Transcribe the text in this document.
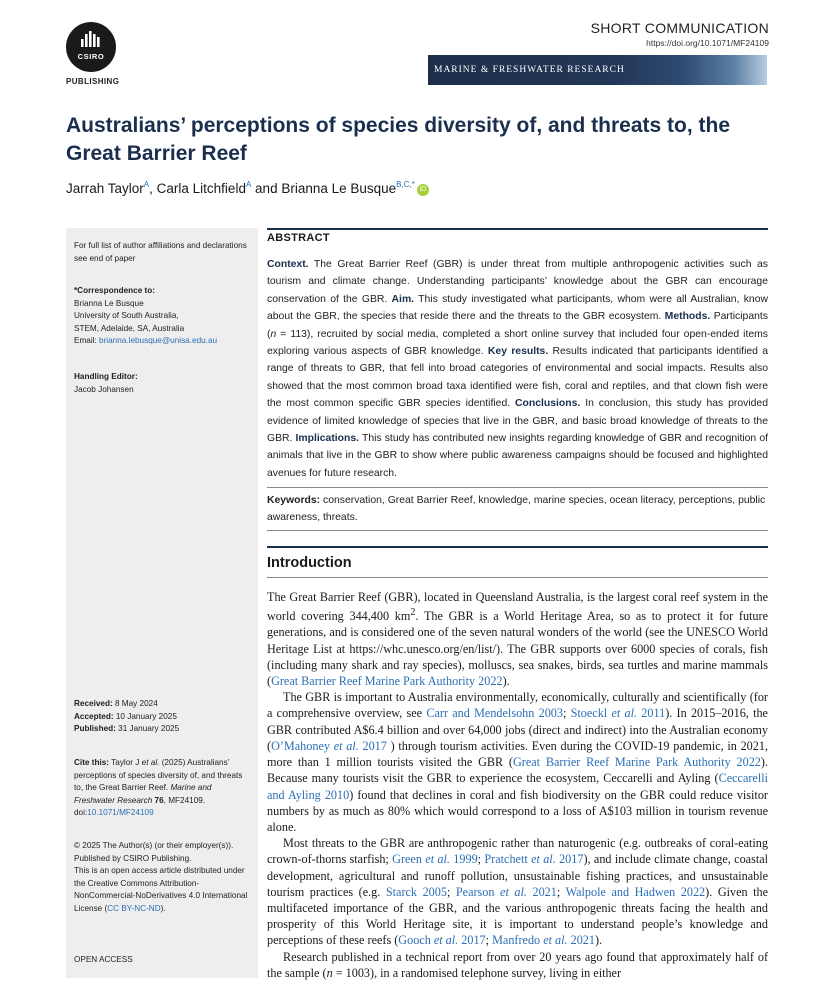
CSIRO
PUBLISHING
SHORT COMMUNICATION
https://doi.org/10.1071/MF24109
MARINE & FRESHWATER RESEARCH
Australians’ perceptions of species diversity of, and threats to, the Great Barrier Reef
Jarrah Taylor$^A$, Carla Litchfield$^A$ and Brianna Le Busque$^{B,C,*}$iD
For full list of author affiliations and declarations see end of paper
*Correspondence to:
Brianna Le Busque
University of South Australia,
STEM, Adelaide, SA, Australia
Email: brianna.lebusque@unisa.edu.au
Handling Editor:
Jacob Johansen
Received: 8 May 2024
Accepted: 10 January 2025
Published: 31 January 2025
Cite this: Taylor J et al. (2025) Australians’ perceptions of species diversity of, and threats to, the Great Barrier Reef. Marine and Freshwater Research 76, MF24109. doi:10.1071/MF24109
© 2025 The Author(s) (or their employer(s)). Published by CSIRO Publishing.
This is an open access article distributed under the Creative Commons Attribution-NonCommercial-NoDerivatives 4.0 International License (CC BY-NC-ND).
OPEN ACCESS
ABSTRACT
Context. The Great Barrier Reef (GBR) is under threat from multiple anthropogenic activities such as tourism and climate change. Understanding participants’ knowledge about the GBR can encourage conservation of the GBR. Aim. This study investigated what participants, whom were all Australian, know about the GBR, the species that reside there and the threats to the GBR ecosystem. Methods. Participants (n = 113), recruited by social media, completed a short online survey that included four open-ended items exploring various aspects of GBR knowledge. Key results. Results indicated that participants identified a range of threats to GBR, that fell into broad categories of environmental and social impacts. Results also showed that the most common broad taxa identified were fish, coral and reptiles, and that clown fish were the most common specific GBR species identified. Conclusions. In conclusion, this study has provided evidence of limited knowledge of species that live in the GBR, and basic broad knowledge of threats to the GBR. Implications. This study has contributed new insights regarding knowledge of GBR and recognition of animals that live in the GBR to show where public awareness campaigns should be focused and highlighted avenues for future research.
Keywords: conservation, Great Barrier Reef, knowledge, marine species, ocean literacy, perceptions, public awareness, threats.
Introduction

The Great Barrier Reef (GBR), located in Queensland Australia, is the largest coral reef system in the world covering 344,400 $km^2$. The GBR is a World Heritage Area, so as to protect it for future generations, and is considered one of the seven natural wonders of the world (see the UNESCO World Heritage List at https://whc.unesco.org/en/list/). The GBR supports over 6000 species of corals, fish (including many shark and ray species), molluscs, sea snakes, birds, sea turtles and marine mammals (Great Barrier Reef Marine Park Authority 2022).

The GBR is important to Australia environmentally, economically, culturally and scientifically (for a comprehensive overview, see Carr and Mendelsohn 2003; Stoeckl et al. 2011). In 2015–2016, the GBR contributed A$6.4 billion and over 64,000 jobs (direct and indirect) into the Australian economy (O’Mahoney et al. 2017 ) through tourism activities. Even during the COVID-19 pandemic, in 2021, more than 1 million tourists visited the GBR (Great Barrier Reef Marine Park Authority 2022). Because many tourists visit the GBR to experience the ecosystem, Ceccarelli and Ayling (Ceccarelli and Ayling 2010) found that declines in coral and fish biodiversity on the GBR could reduce visitor numbers by as much as 80% which would correspond to a loss of A$103 million in tourism revenue alone.

Most threats to the GBR are anthropogenic rather than naturogenic (e.g. outbreaks of coral-eating crown-of-thorns starfish; Green et al. 1999; Pratchett et al. 2017), and include climate change, coastal development, agricultural and runoff pollution, unsustainable fishing practices, and unsustainable tourism practices (e.g. Starck 2005; Pearson et al. 2021; Walpole and Hadwen 2022). Given the multifaceted importance of the GBR, and the various anthropogenic threats facing the health and prosperity of this World Heritage site, it is important to understand people’s knowledge and perceptions of these reefs (Gooch et al. 2017; Manfredo et al. 2021).

Research published in a technical report from over 20 years ago found that approximately half of the sample (n = 1003), in a randomised telephone survey, living in either
